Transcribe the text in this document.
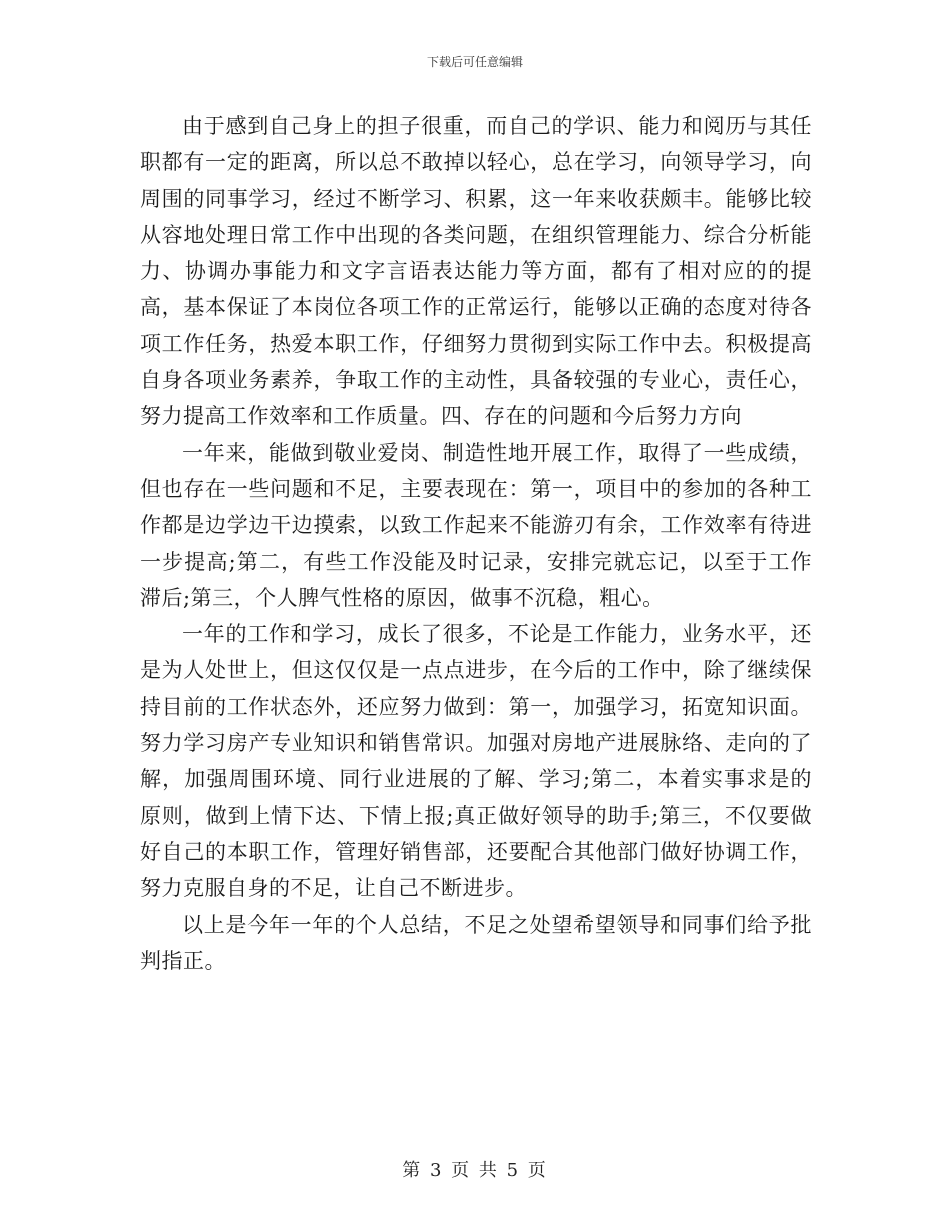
下载后可任意编辑

由于感到自己身上的担子很重，而自己的学识、能力和阅历与其任职都有一定的距离，所以总不敢掉以轻心，总在学习，向领导学习，向周围的同事学习，经过不断学习、积累，这一年来收获颇丰。能够比较从容地处理日常工作中出现的各类问题，在组织管理能力、综合分析能力、协调办事能力和文字言语表达能力等方面，都有了相对应的的提高，基本保证了本岗位各项工作的正常运行，能够以正确的态度对待各项工作任务，热爱本职工作，仔细努力贯彻到实际工作中去。积极提高自身各项业务素养，争取工作的主动性，具备较强的专业心，责任心，努力提高工作效率和工作质量。四、存在的问题和今后努力方向

一年来，能做到敬业爱岗、制造性地开展工作，取得了一些成绩，但也存在一些问题和不足，主要表现在：第一，项目中的参加的各种工作都是边学边干边摸索，以致工作起来不能游刃有余，工作效率有待进一步提高;第二，有些工作没能及时记录，安排完就忘记，以至于工作滞后;第三，个人脾气性格的原因，做事不沉稳，粗心。

一年的工作和学习，成长了很多，不论是工作能力，业务水平，还是为人处世上，但这仅仅是一点点进步，在今后的工作中，除了继续保持目前的工作状态外，还应努力做到：第一，加强学习，拓宽知识面。努力学习房产专业知识和销售常识。加强对房地产进展脉络、走向的了解，加强周围环境、同行业进展的了解、学习;第二，本着实事求是的原则，做到上情下达、下情上报;真正做好领导的助手;第三，不仅要做好自己的本职工作，管理好销售部，还要配合其他部门做好协调工作，努力克服自身的不足，让自己不断进步。

以上是今年一年的个人总结，不足之处望希望领导和同事们给予批判指正。

第 3 页 共 5 页
